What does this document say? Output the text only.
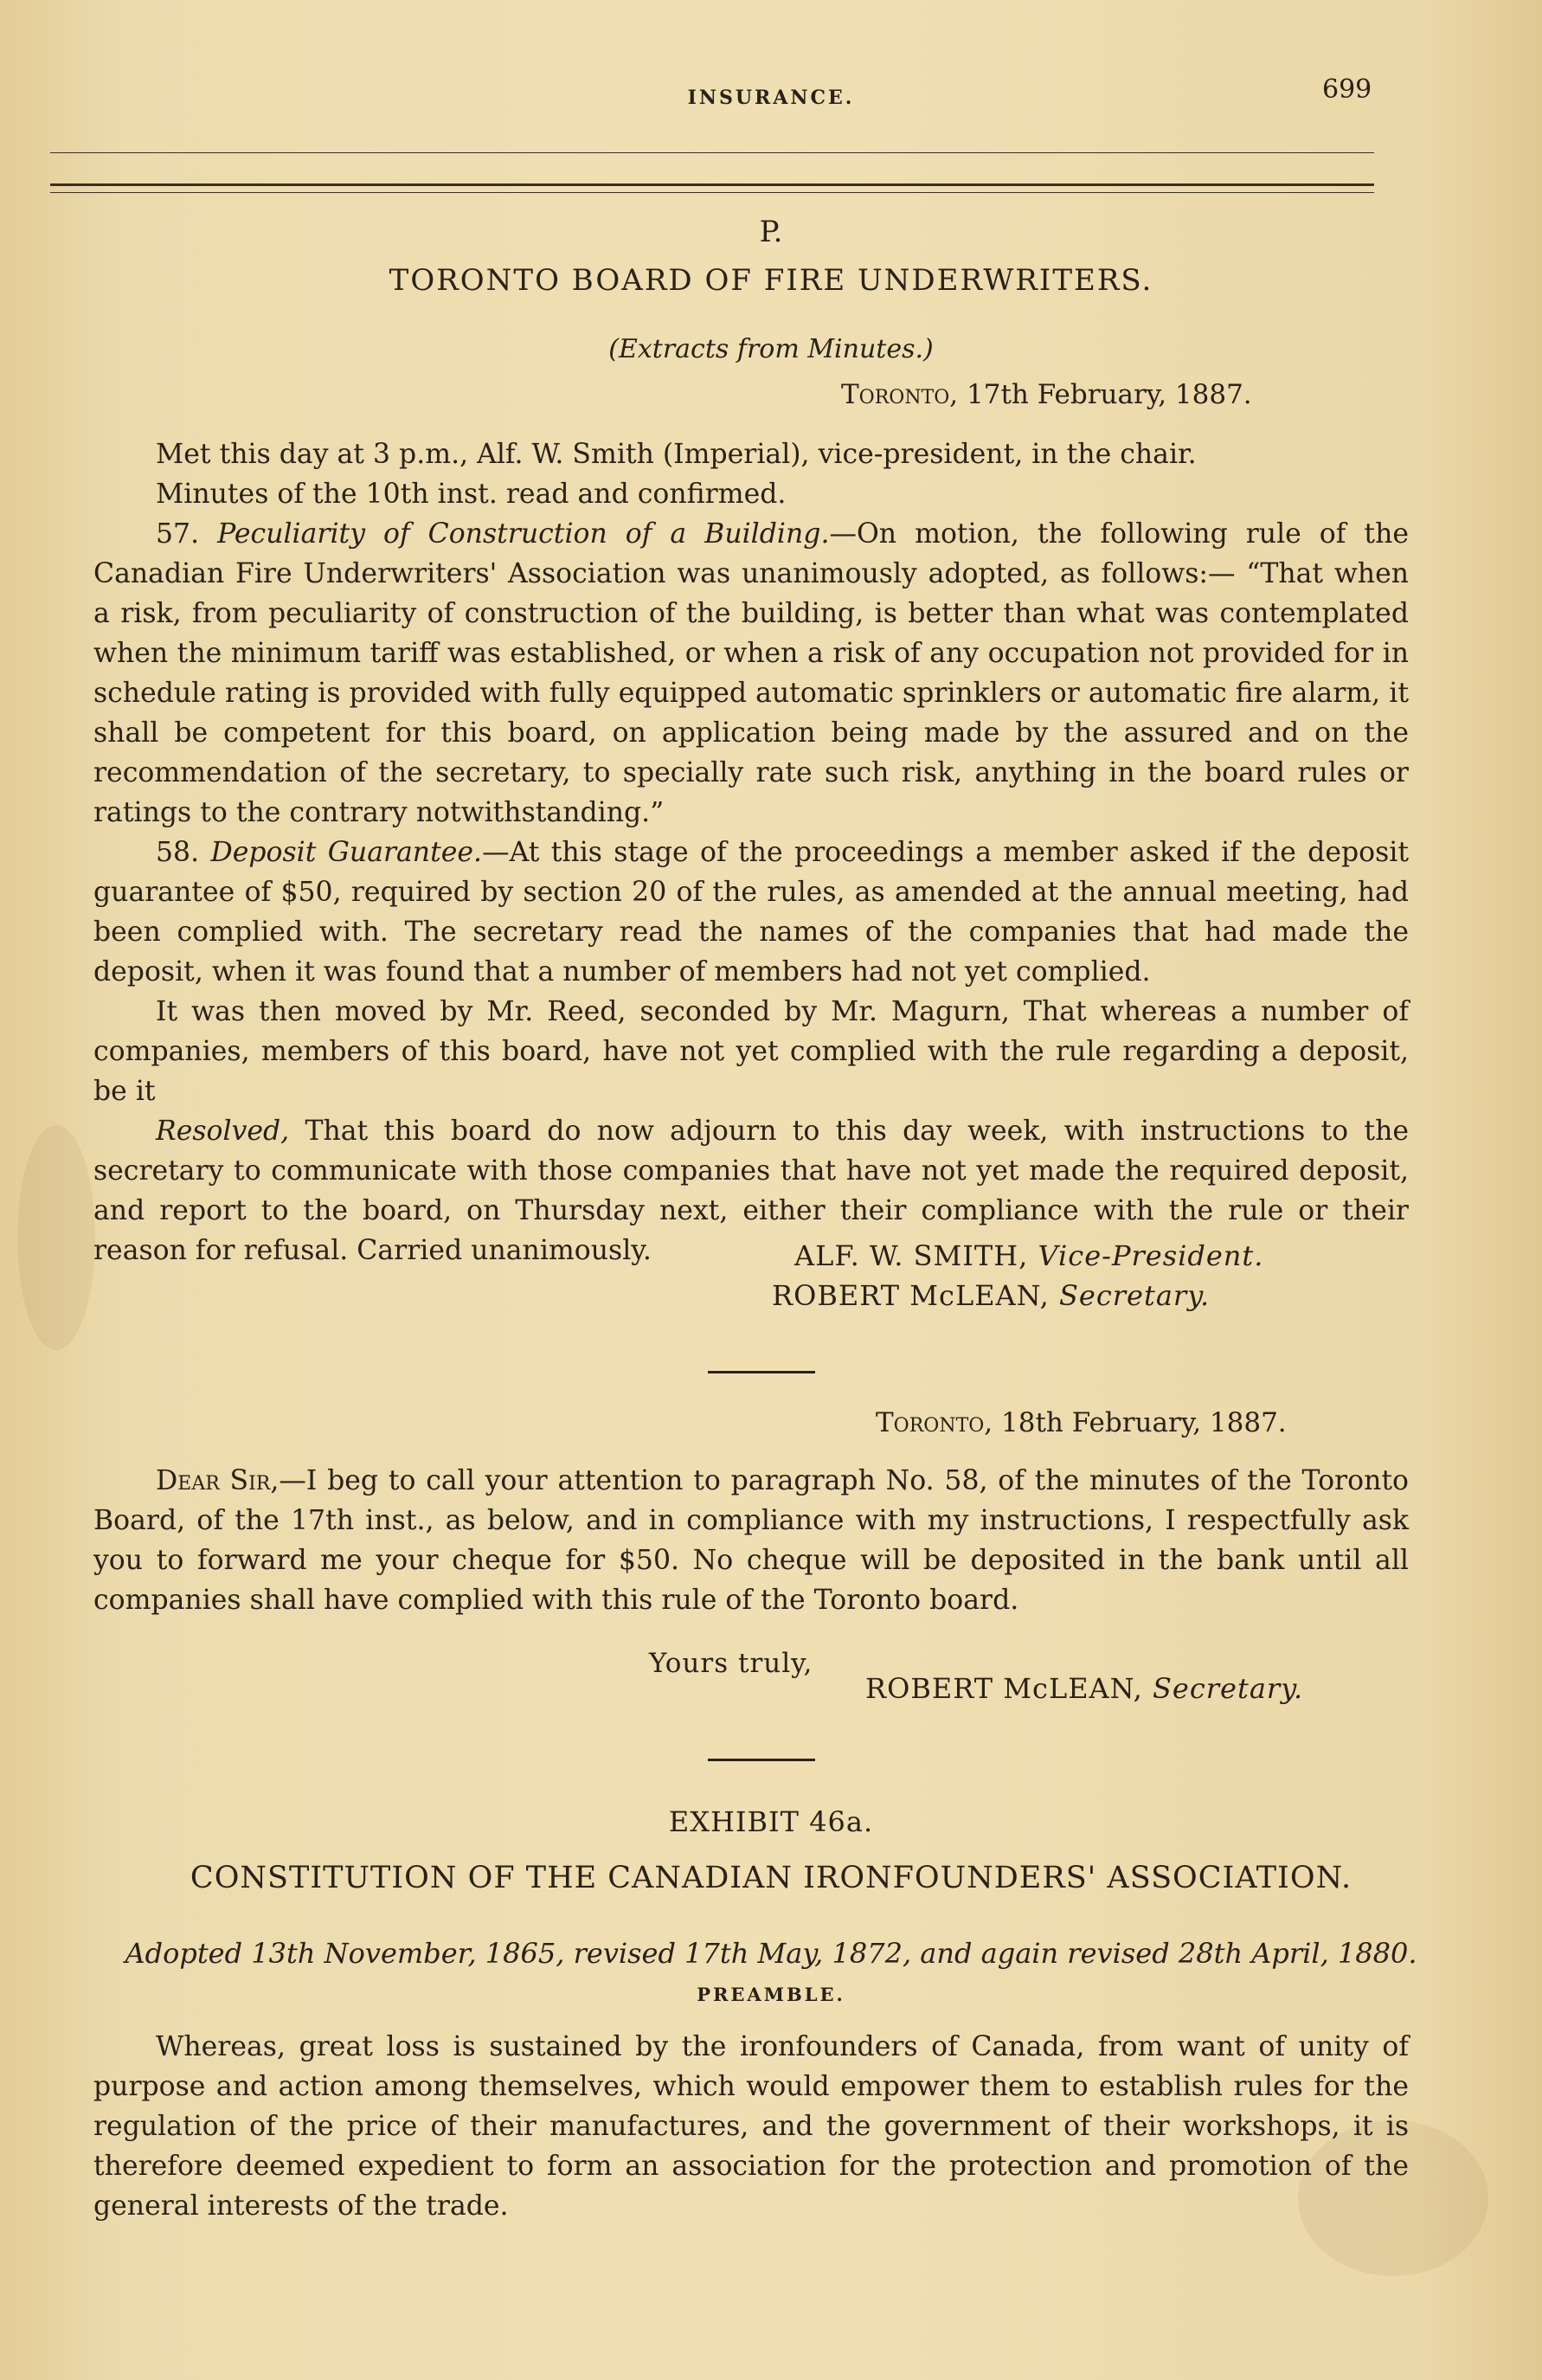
INSURANCE.	699
P.
TORONTO BOARD OF FIRE UNDERWRITERS.
(Extracts from Minutes.)
Toronto, 17th February, 1887.

Met this day at 3 p.m., Alf. W. Smith (Imperial), vice-president, in the chair.

Minutes of the 10th inst. read and confirmed.

57. Peculiarity of Construction of a Building.—On motion, the following rule of the Canadian Fire Underwriters' Association was unanimously adopted, as follows:— “That when a risk, from peculiarity of construction of the building, is better than what was contemplated when the minimum tariff was established, or when a risk of any occupation not provided for in schedule rating is provided with fully equipped automatic sprinklers or automatic fire alarm, it shall be competent for this board, on application being made by the assured and on the recommendation of the secretary, to specially rate such risk, anything in the board rules or ratings to the contrary notwithstanding.”

58. Deposit Guarantee.—At this stage of the proceedings a member asked if the deposit guarantee of $50, required by section 20 of the rules, as amended at the annual meeting, had been complied with. The secretary read the names of the companies that had made the deposit, when it was found that a number of members had not yet complied.

It was then moved by Mr. Reed, seconded by Mr. Magurn, That whereas a number of companies, members of this board, have not yet complied with the rule regarding a deposit, be it

Resolved, That this board do now adjourn to this day week, with instructions to the secretary to communicate with those companies that have not yet made the required deposit, and report to the board, on Thursday next, either their compliance with the rule or their reason for refusal. Carried unanimously.	ALF. W. SMITH, Vice-President.
ROBERT McLEAN, Secretary.
Toronto, 18th February, 1887.

Dear Sir,—I beg to call your attention to paragraph No. 58, of the minutes of the Toronto Board, of the 17th inst., as below, and in compliance with my instructions, I respectfully ask you to forward me your cheque for $50. No cheque will be deposited in the bank until all companies shall have complied with this rule of the Toronto board.

Yours truly,
ROBERT McLEAN, Secretary.
EXHIBIT 46a.
CONSTITUTION OF THE CANADIAN IRONFOUNDERS' ASSOCIATION.
Adopted 13th November, 1865, revised 17th May, 1872, and again revised 28th April, 1880.
PREAMBLE.

Whereas, great loss is sustained by the ironfounders of Canada, from want of unity of purpose and action among themselves, which would empower them to establish rules for the regulation of the price of their manufactures, and the government of their workshops, it is therefore deemed expedient to form an association for the protection and promotion of the general interests of the trade.
